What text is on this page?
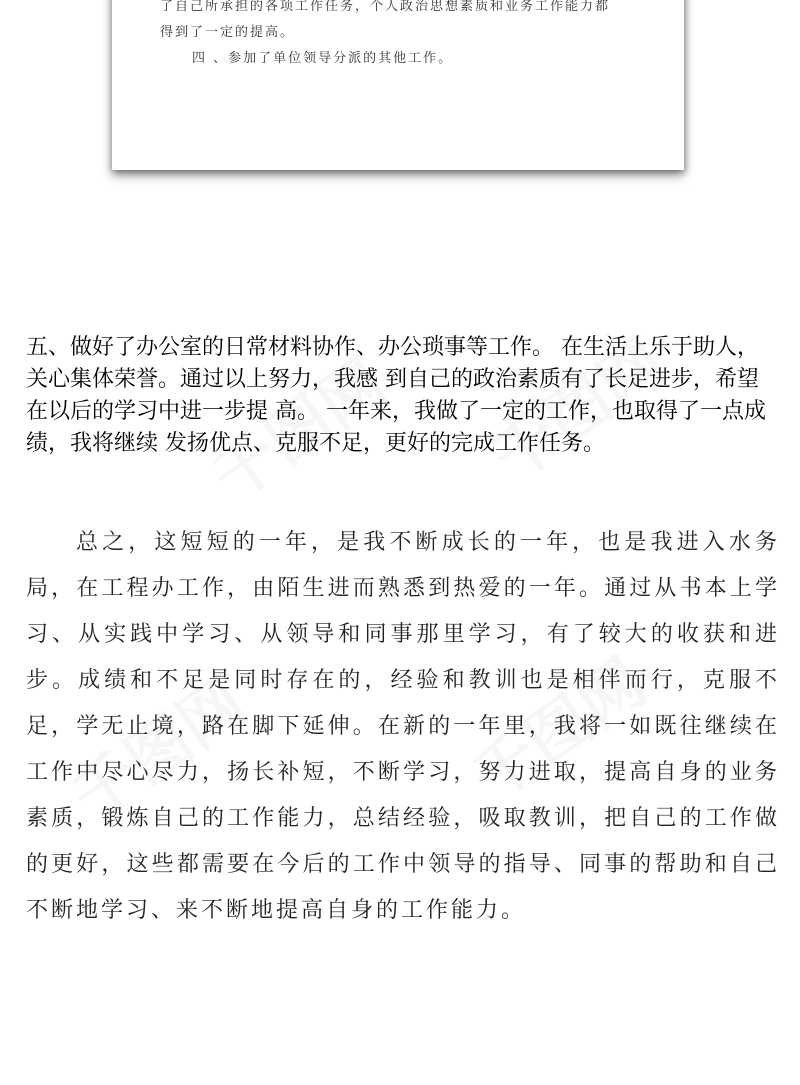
了自己所承担的各项工作任务，个人政治思想素质和业务工作能力都

得到了一定的提高。

四 、参加了单位领导分派的其他工作。

五、做好了办公室的日常材料协作、办公琐事等工作。 在生活上乐于助人，关心集体荣誉。通过以上努力，我感 到自己的政治素质有了长足进步，希望在以后的学习中进一步提 高。 一年来，我做了一定的工作，也取得了一点成绩，我将继续 发扬优点、克服不足，更好的完成工作任务。

总之，这短短的一年，是我不断成长的一年，也是我进入水务局，在工程办工作，由陌生进而熟悉到热爱的一年。通过从书本上学习、从实践中学习、从领导和同事那里学习，有了较大的收获和进步。成绩和不足是同时存在的，经验和教训也是相伴而行，克服不足，学无止境，路在脚下延伸。在新的一年里，我将一如既往继续在工作中尽心尽力，扬长补短，不断学习，努力进取，提高自身的业务素质，锻炼自己的工作能力，总结经验，吸取教训，把自己的工作做的更好，这些都需要在今后的工作中领导的指导、同事的帮助和自己不断地学习、来不断地提高自身的工作能力。
